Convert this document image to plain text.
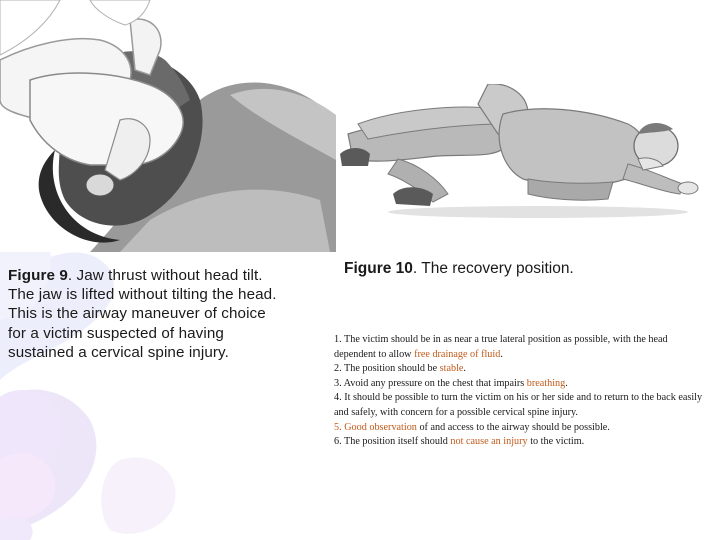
Figure 9. Jaw thrust without head tilt.
The jaw is lifted without tilting the head.
This is the airway maneuver of choice
for a victim suspected of having
sustained a cervical spine injury.
Figure 10. The recovery position.

1. The victim should be in as near a true lateral position as possible, with the head dependent to allow free drainage of fluid.

2. The position should be stable.

3. Avoid any pressure on the chest that impairs breathing.

4. It should be possible to turn the victim on his or her side and to return to the back easily and safely, with concern for a possible cervical spine injury.

5. Good observation of and access to the airway should be possible.

6. The position itself should not cause an injury to the victim.
